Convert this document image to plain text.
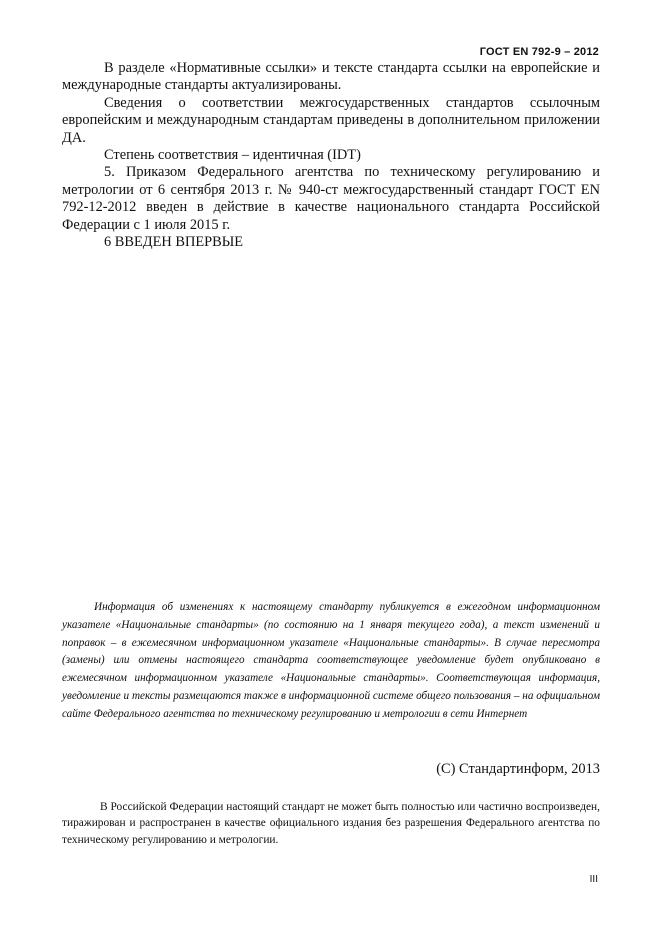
ГОСТ EN 792-9 – 2012

В разделе «Нормативные ссылки» и тексте стандарта ссылки на европейские и международные стандарты актуализированы.

Сведения о соответствии межгосударственных стандартов ссылочным европейским и международным стандартам приведены в дополнительном приложении ДА.

Степень соответствия – идентичная (IDT)

5. Приказом Федерального агентства по техническому регулированию и метрологии от 6 сентября 2013 г. № 940-ст межгосударственный стандарт ГОСТ EN 792-12-2012 введен в действие в качестве национального стандарта Российской Федерации с 1 июля 2015 г.

6 ВВЕДЕН ВПЕРВЫЕ

Информация об изменениях к настоящему стандарту публикуется в ежегодном информационном указателе «Национальные стандарты» (по состоянию на 1 января текущего года), а текст изменений и поправок – в ежемесячном информационном указателе «Национальные стандарты». В случае пересмотра (замены) или отмены настоящего стандарта соответствующее уведомление будет опубликовано в ежемесячном информационном указателе «Национальные стандарты». Соответствующая информация, уведомление и тексты размещаются также в информационной системе общего пользования – на официальном сайте Федерального агентства по техническому регулированию и метрологии в сети Интернет

(С) Стандартинформ, 2013

В Российской Федерации настоящий стандарт не может быть полностью или частично воспроизведен, тиражирован и распространен в качестве официального издания без разрешения Федерального агентства по техническому регулированию и метрологии.

III
